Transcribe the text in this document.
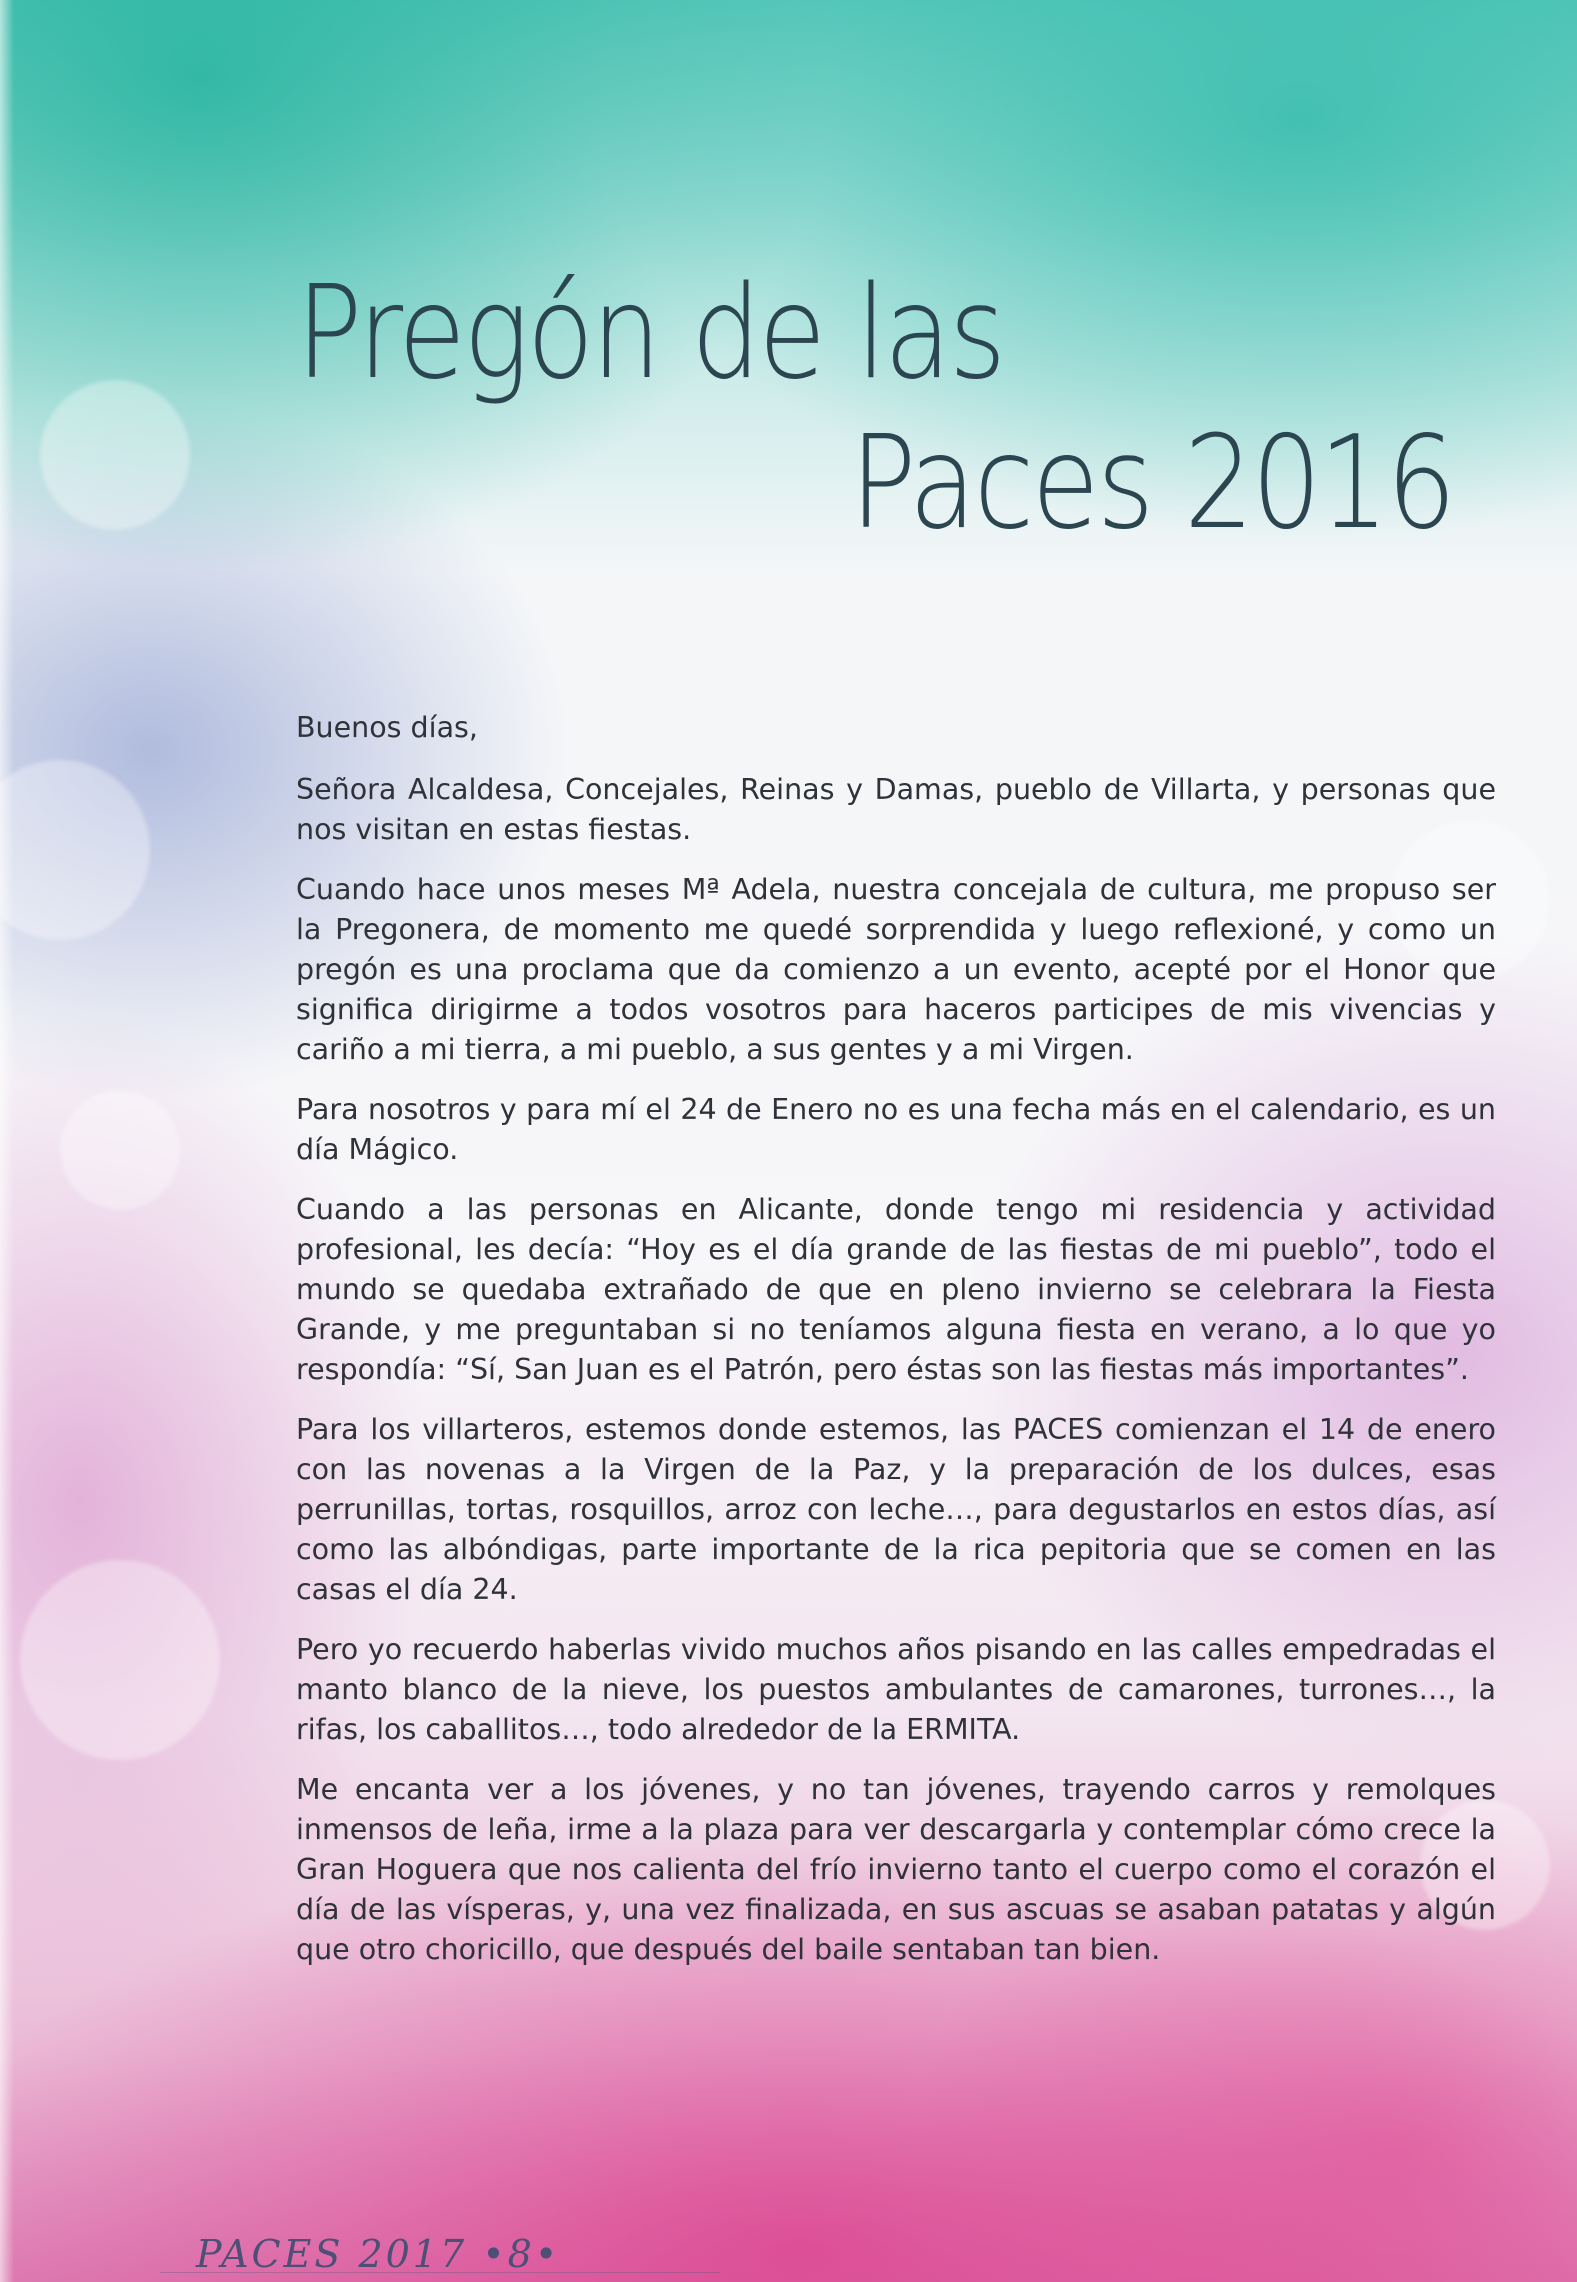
Pregón de las
Paces 2016

Buenos días,

Señora Alcaldesa, Concejales, Reinas y Damas, pueblo de Villarta, y personas que nos visitan en estas fiestas.

Cuando hace unos meses Mª Adela, nuestra concejala de cultura, me propuso ser la Pregonera, de momento me quedé sorprendida y luego reflexioné, y como un pregón es una proclama que da comienzo a un evento, acepté por el Honor que significa dirigirme a todos vosotros para haceros participes de mis vivencias y cariño a mi tierra, a mi pueblo, a sus gentes y a mi Virgen.

Para nosotros y para mí el 24 de Enero no es una fecha más en el calendario, es un día Mágico.

Cuando a las personas en Alicante, donde tengo mi residencia y actividad profesional, les decía: “Hoy es el día grande de las fiestas de mi pueblo”, todo el mundo se quedaba extrañado de que en pleno invierno se celebrara la Fiesta Grande, y me preguntaban si no teníamos alguna fiesta en verano, a lo que yo respondía: “Sí, San Juan es el Patrón, pero éstas son las fiestas más importantes”.

Para los villarteros, estemos donde estemos, las PACES comienzan el 14 de enero con las novenas a la Virgen de la Paz, y la preparación de los dulces, esas perrunillas, tortas, rosquillos, arroz con leche…, para degustarlos en estos días, así como las albóndigas, parte importante de la rica pepitoria que se comen en las casas el día 24.

Pero yo recuerdo haberlas vivido muchos años pisando en las calles empedradas el manto blanco de la nieve, los puestos ambulantes de camarones, turrones…, la rifas, los caballitos…, todo alrededor de la ERMITA.

Me encanta ver a los jóvenes, y no tan jóvenes, trayendo carros y remolques inmensos de leña, irme a la plaza para ver descargarla y contemplar cómo crece la Gran Hoguera que nos calienta del frío invierno tanto el cuerpo como el corazón el día de las vísperas, y, una vez finalizada, en sus ascuas se asaban patatas y algún que otro choricillo, que después del baile sentaban tan bien.

PACES 2017 •8•
